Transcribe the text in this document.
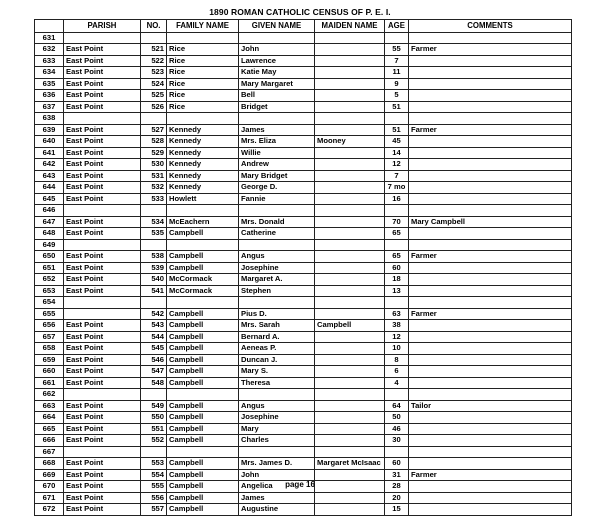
1890 ROMAN CATHOLIC CENSUS OF P. E. I.
	PARISH	NO.	FAMILY NAME	GIVEN NAME	MAIDEN NAME	AGE	COMMENTS
631							
632	East Point	521	Rice	John		55	Farmer
633	East Point	522	Rice	Lawrence		7	
634	East Point	523	Rice	Katie May		11	
635	East Point	524	Rice	Mary Margaret		9	
636	East Point	525	Rice	Bell		5	
637	East Point	526	Rice	Bridget		51	
638							
639	East Point	527	Kennedy	James		51	Farmer
640	East Point	528	Kennedy	Mrs. Eliza	Mooney	45	
641	East Point	529	Kennedy	Willie		14	
642	East Point	530	Kennedy	Andrew		12	
643	East Point	531	Kennedy	Mary Bridget		7	
644	East Point	532	Kennedy	George D.		7 mo	
645	East Point	533	Howlett	Fannie		16	
646							
647	East Point	534	McEachern	Mrs. Donald		70	Mary Campbell
648	East Point	535	Campbell	Catherine		65	
649							
650	East Point	538	Campbell	Angus		65	Farmer
651	East Point	539	Campbell	Josephine		60	
652	East Point	540	McCormack	Margaret A.		18	
653	East Point	541	McCormack	Stephen		13	
654							
655		542	Campbell	Pius D.		63	Farmer
656	East Point	543	Campbell	Mrs. Sarah	Campbell	38	
657	East Point	544	Campbell	Bernard A.		12	
658	East Point	545	Campbell	Aeneas P.		10	
659	East Point	546	Campbell	Duncan J.		8	
660	East Point	547	Campbell	Mary S.		6	
661	East Point	548	Campbell	Theresa		4	
662							
663	East Point	549	Campbell	Angus		64	Tailor
664	East Point	550	Campbell	Josephine		50	
665	East Point	551	Campbell	Mary		46	
666	East Point	552	Campbell	Charles		30	
667							
668	East Point	553	Campbell	Mrs. James D.	Margaret McIsaac	60	
669	East Point	554	Campbell	John		31	Farmer
670	East Point	555	Campbell	Angelica		28	
671	East Point	556	Campbell	James		20	
672	East Point	557	Campbell	Augustine		15	
page 16
